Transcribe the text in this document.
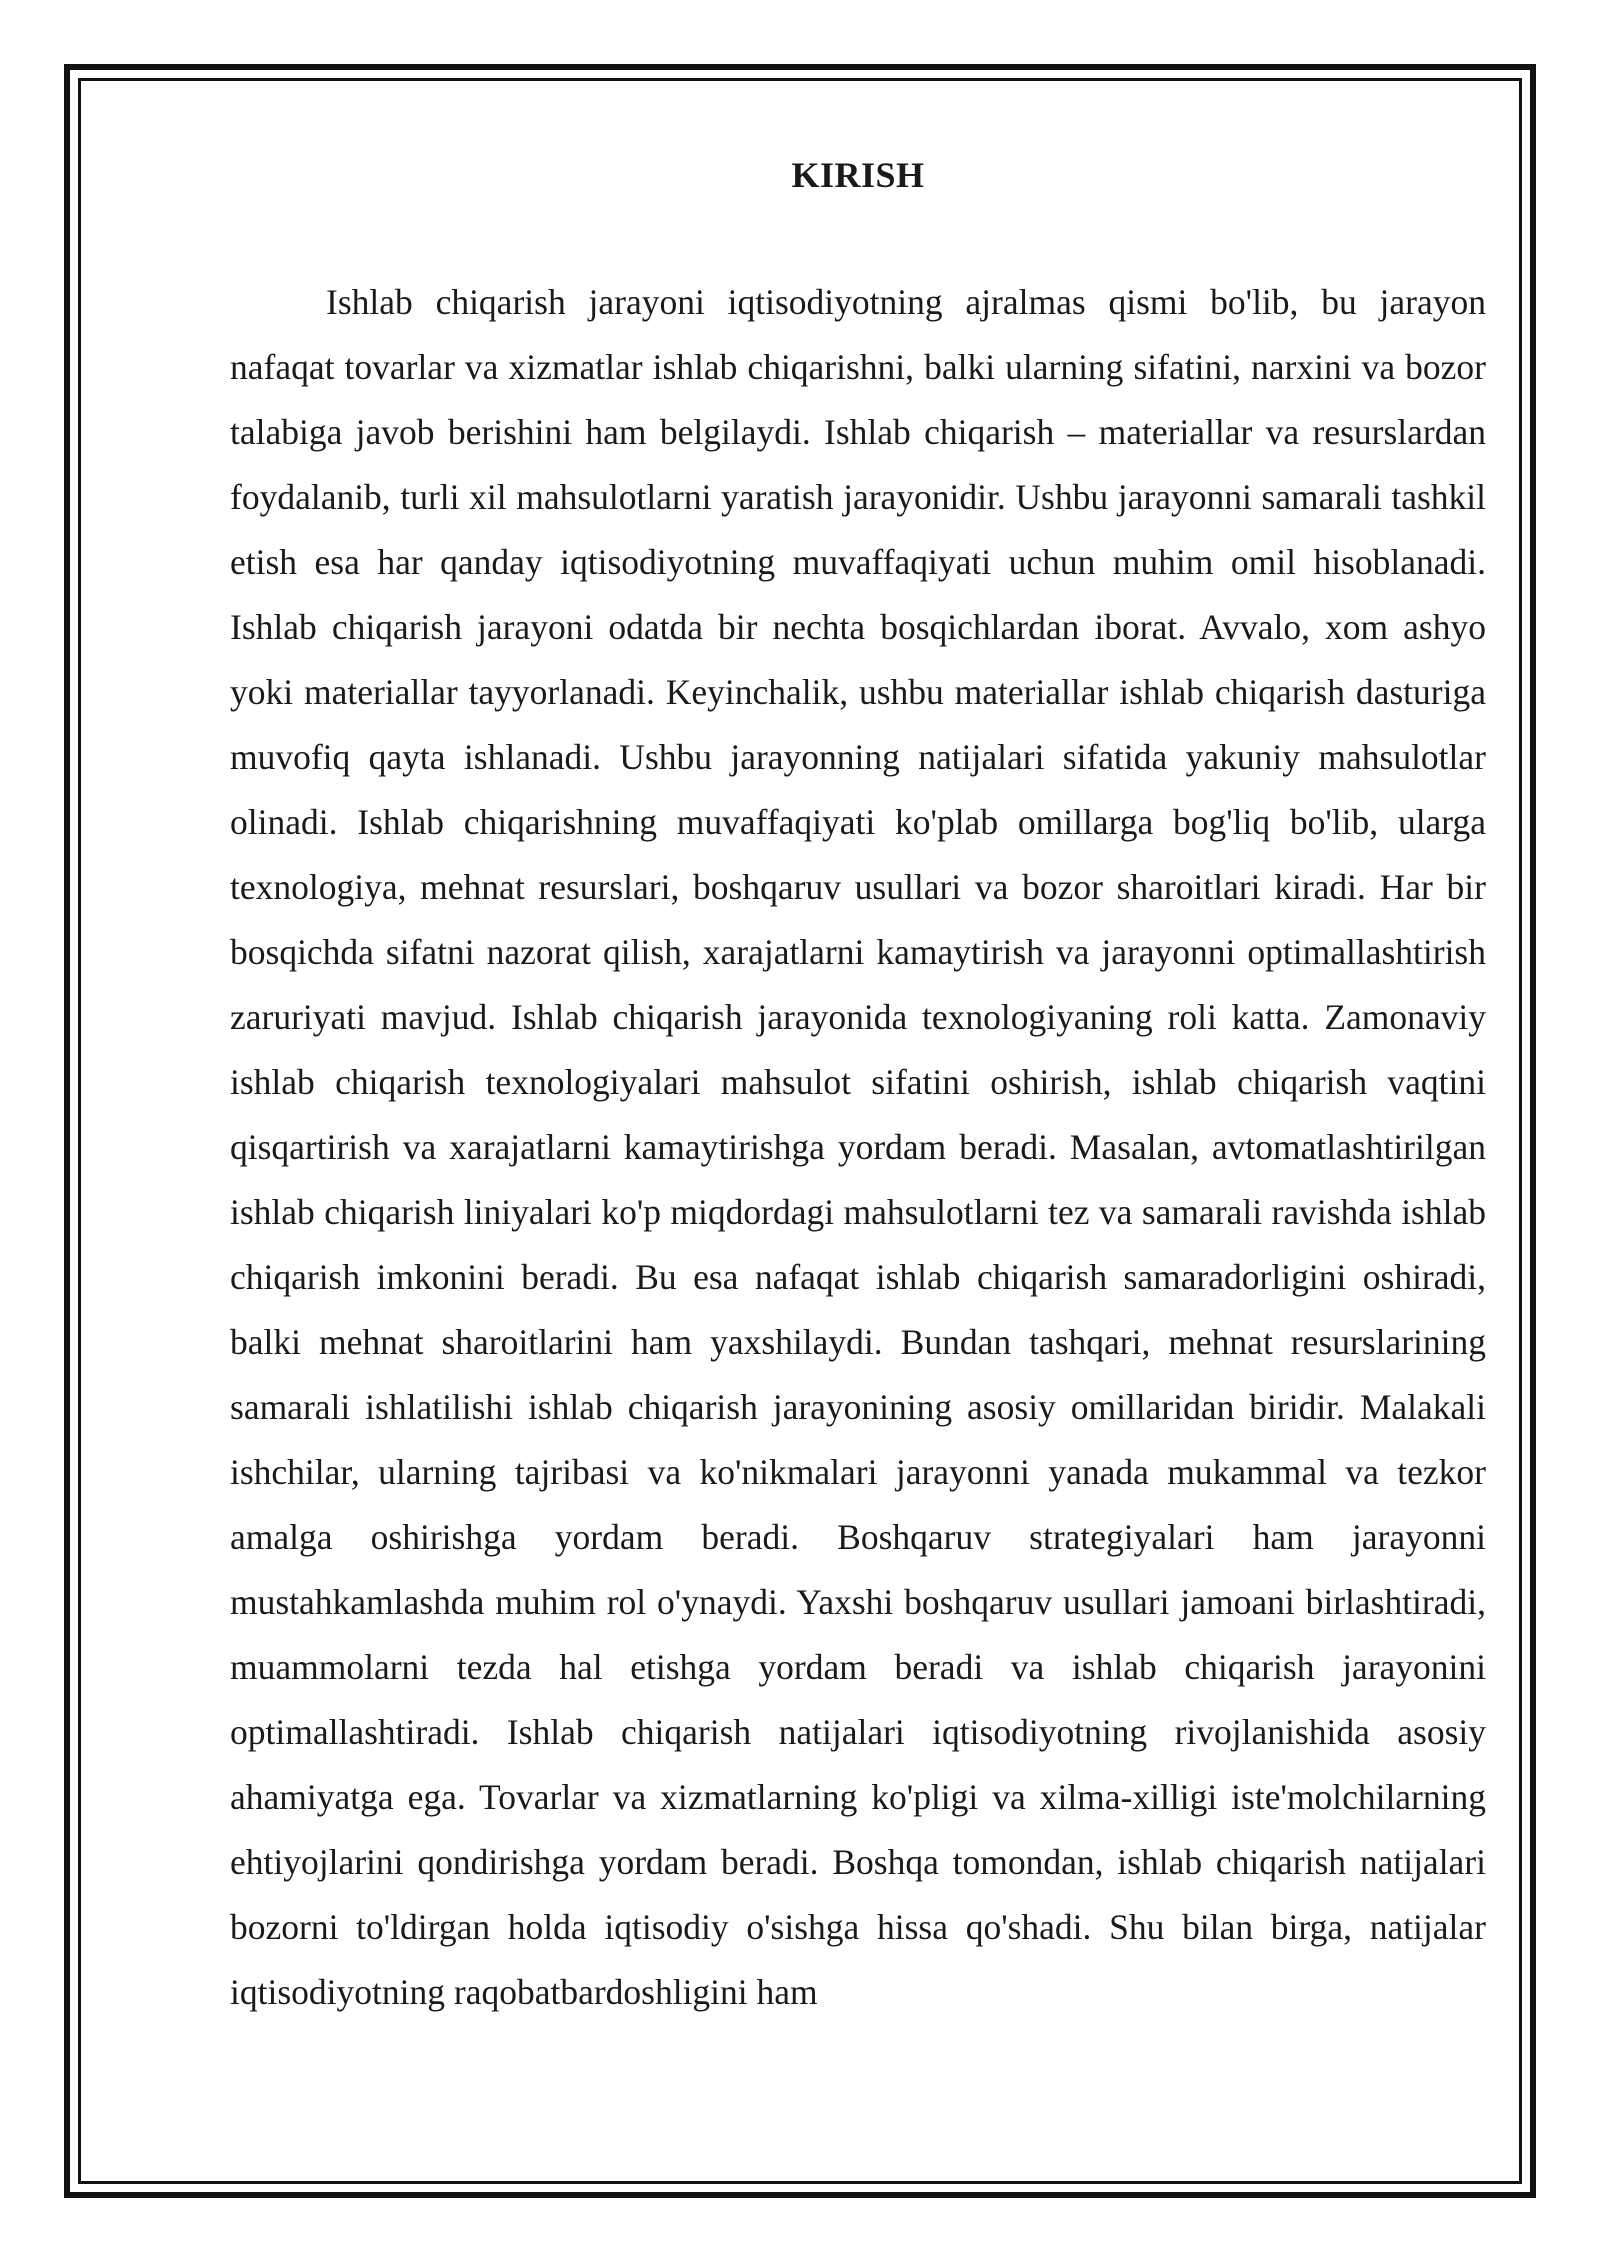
KIRISH

Ishlab chiqarish jarayoni iqtisodiyotning ajralmas qismi bo'lib, bu jarayon nafaqat tovarlar va xizmatlar ishlab chiqarishni, balki ularning sifatini, narxini va bozor talabiga javob berishini ham belgilaydi. Ishlab chiqarish – materiallar va resurslardan foydalanib, turli xil mahsulotlarni yaratish jarayonidir. Ushbu jarayonni samarali tashkil etish esa har qanday iqtisodiyotning muvaffaqiyati uchun muhim omil hisoblanadi. Ishlab chiqarish jarayoni odatda bir nechta bosqichlardan iborat. Avvalo, xom ashyo yoki materiallar tayyorlanadi. Keyinchalik, ushbu materiallar ishlab chiqarish dasturiga muvofiq qayta ishlanadi. Ushbu jarayonning natijalari sifatida yakuniy mahsulotlar olinadi. Ishlab chiqarishning muvaffaqiyati ko'plab omillarga bog'liq bo'lib, ularga texnologiya, mehnat resurslari, boshqaruv usullari va bozor sharoitlari kiradi. Har bir bosqichda sifatni nazorat qilish, xarajatlarni kamaytirish va jarayonni optimallashtirish zaruriyati mavjud. Ishlab chiqarish jarayonida texnologiyaning roli katta. Zamonaviy ishlab chiqarish texnologiyalari mahsulot sifatini oshirish, ishlab chiqarish vaqtini qisqartirish va xarajatlarni kamaytirishga yordam beradi. Masalan, avtomatlashtirilgan ishlab chiqarish liniyalari ko'p miqdordagi mahsulotlarni tez va samarali ravishda ishlab chiqarish imkonini beradi. Bu esa nafaqat ishlab chiqarish samaradorligini oshiradi, balki mehnat sharoitlarini ham yaxshilaydi. Bundan tashqari, mehnat resurslarining samarali ishlatilishi ishlab chiqarish jarayonining asosiy omillaridan biridir. Malakali ishchilar, ularning tajribasi va ko'nikmalari jarayonni yanada mukammal va tezkor amalga oshirishga yordam beradi. Boshqaruv strategiyalari ham jarayonni mustahkamlashda muhim rol o'ynaydi. Yaxshi boshqaruv usullari jamoani birlashtiradi, muammolarni tezda hal etishga yordam beradi va ishlab chiqarish jarayonini optimallashtiradi. Ishlab chiqarish natijalari iqtisodiyotning rivojlanishida asosiy ahamiyatga ega. Tovarlar va xizmatlarning ko'pligi va xilma-xilligi iste'molchilarning ehtiyojlarini qondirishga yordam beradi. Boshqa tomondan, ishlab chiqarish natijalari bozorni to'ldirgan holda iqtisodiy o'sishga hissa qo'shadi. Shu bilan birga, natijalar iqtisodiyotning raqobatbardoshligini ham
